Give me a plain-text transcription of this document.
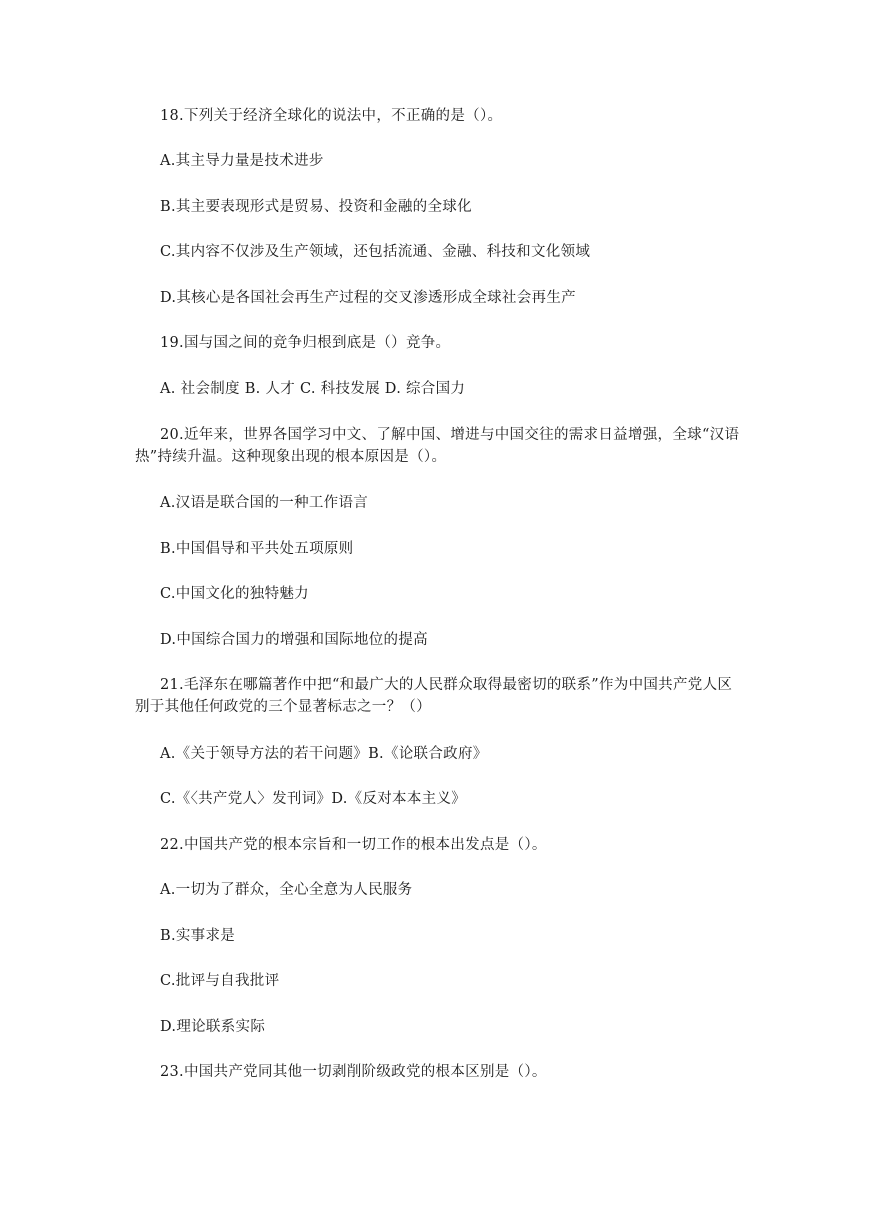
18.下列关于经济全球化的说法中，不正确的是（）。
A.其主导力量是技术进步
B.其主要表现形式是贸易、投资和金融的全球化
C.其内容不仅涉及生产领域，还包括流通、金融、科技和文化领域
D.其核心是各国社会再生产过程的交叉渗透形成全球社会再生产
19.国与国之间的竞争归根到底是（）竞争。
A. 社会制度 B. 人才 C. 科技发展 D. 综合国力
20.近年来，世界各国学习中文、了解中国、增进与中国交往的需求日益增强，全球“汉语热”持续升温。这种现象出现的根本原因是（）。
A.汉语是联合国的一种工作语言
B.中国倡导和平共处五项原则
C.中国文化的独特魅力
D.中国综合国力的增强和国际地位的提高
21.毛泽东在哪篇著作中把“和最广大的人民群众取得最密切的联系”作为中国共产党人区别于其他任何政党的三个显著标志之一？（）
A.《关于领导方法的若干问题》B.《论联合政府》
C.《〈共产党人〉发刊词》D.《反对本本主义》
22.中国共产党的根本宗旨和一切工作的根本出发点是（）。
A.一切为了群众，全心全意为人民服务
B.实事求是
C.批评与自我批评
D.理论联系实际
23.中国共产党同其他一切剥削阶级政党的根本区别是（）。
